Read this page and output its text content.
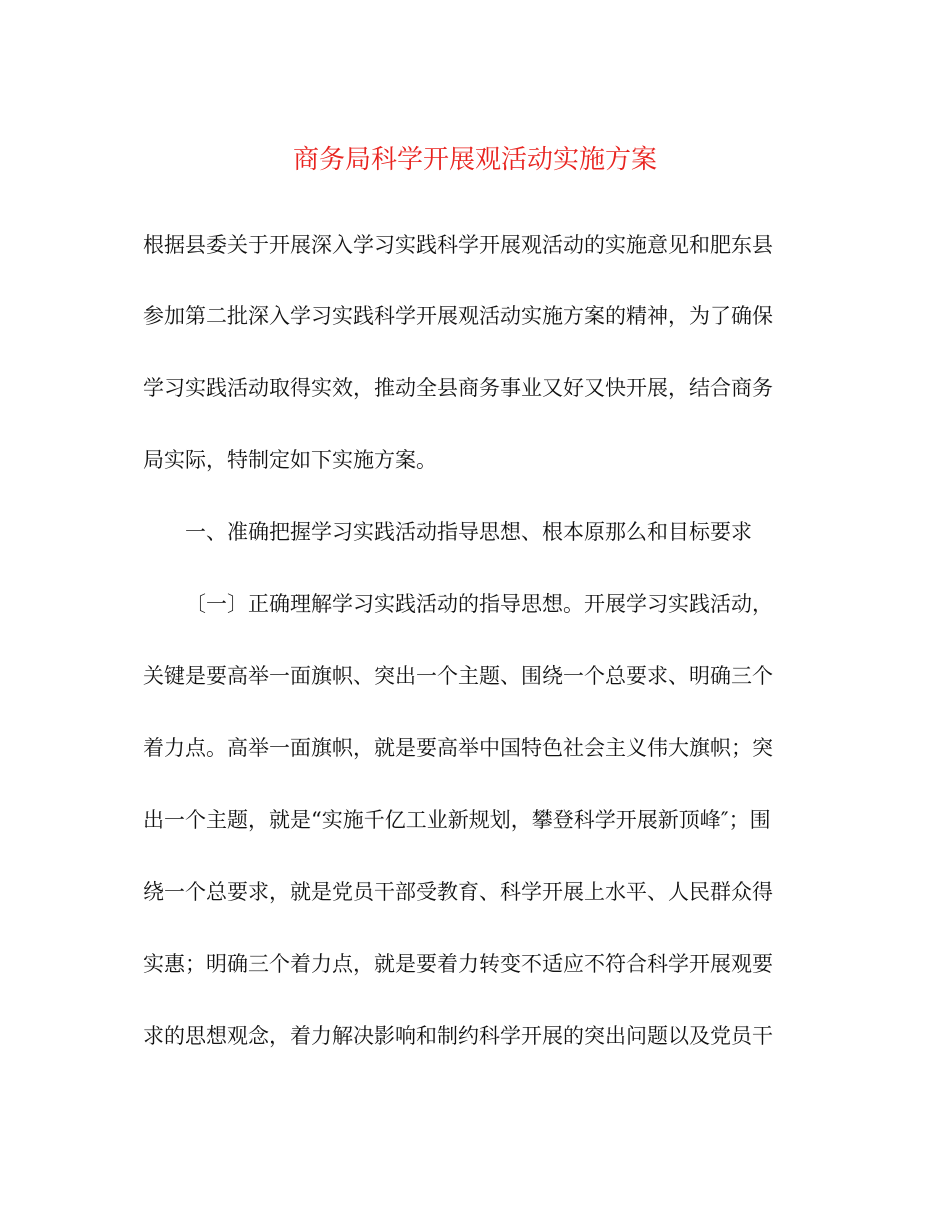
商务局科学开展观活动实施方案
根据县委关于开展深入学习实践科学开展观活动的实施意见和肥东县
参加第二批深入学习实践科学开展观活动实施方案的精神，为了确保
学习实践活动取得实效，推动全县商务事业又好又快开展，结合商务
局实际，特制定如下实施方案。
一、准确把握学习实践活动指导思想、根本原那么和目标要求
〔一〕正确理解学习实践活动的指导思想。开展学习实践活动，
关键是要高举一面旗帜、突出一个主题、围绕一个总要求、明确三个
着力点。高举一面旗帜，就是要高举中国特色社会主义伟大旗帜；突
出一个主题，就是“实施千亿工业新规划，攀登科学开展新顶峰″；围
绕一个总要求，就是党员干部受教育、科学开展上水平、人民群众得
实惠；明确三个着力点，就是要着力转变不适应不符合科学开展观要
求的思想观念，着力解决影响和制约科学开展的突出问题以及党员干
